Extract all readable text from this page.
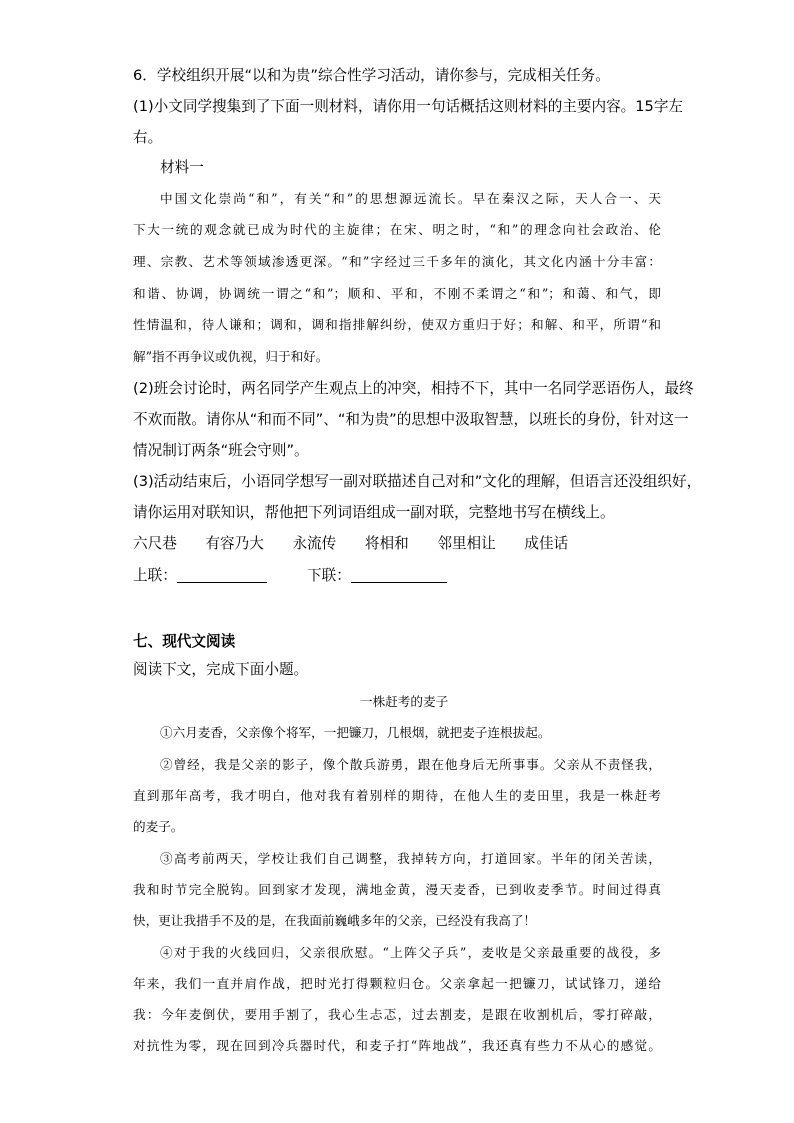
6．学校组织开展“以和为贵”综合性学习活动，请你参与，完成相关任务。
(1)小文同学搜集到了下面一则材料，请你用一句话概括这则材料的主要内容。15字左
右。
材料一
中国文化崇尚“和”，有关“和”的思想源远流长。早在秦汉之际，天人合一、天
下大一统的观念就已成为时代的主旋律；在宋、明之时，“和”的理念向社会政治、伦
理、宗教、艺术等领域渗透更深。“和”字经过三千多年的演化，其文化内涵十分丰富：
和谐、协调，协调统一谓之“和”；顺和、平和，不刚不柔谓之“和”；和蔼、和气，即
性情温和，待人谦和；调和，调和指排解纠纷，使双方重归于好；和解、和平，所谓“和
解”指不再争议或仇视，归于和好。
(2)班会讨论时，两名同学产生观点上的冲突，相持不下，其中一名同学恶语伤人，最终
不欢而散。请你从“和而不同”、“和为贵”的思想中汲取智慧，以班长的身份，针对这一
情况制订两条“班会守则”。
(3)活动结束后，小语同学想写一副对联描述自己对和”文化的理解，但语言还没组织好，
请你运用对联知识，帮他把下列词语组成一副对联，完整地书写在横线上。
六尺巷 有容乃大 永流传 将相和 邻里相让 成佳话
上联：	下联：
七、现代文阅读
阅读下文，完成下面小题。
一株赶考的麦子
①六月麦香，父亲像个将军，一把镰刀，几根烟，就把麦子连根拔起。
②曾经，我是父亲的影子，像个散兵游勇，跟在他身后无所事事。父亲从不责怪我，
直到那年高考，我才明白，他对我有着别样的期待，在他人生的麦田里，我是一株赶考
的麦子。
③高考前两天，学校让我们自己调整，我掉转方向，打道回家。半年的闭关苦读，
我和时节完全脱钩。回到家才发现，满地金黄，漫天麦香，已到收麦季节。时间过得真
快，更让我措手不及的是，在我面前巍峨多年的父亲，已经没有我高了！
④对于我的火线回归，父亲很欣慰。“上阵父子兵”，麦收是父亲最重要的战役，多
年来，我们一直并肩作战，把时光打得颗粒归仓。父亲拿起一把镰刀，试试锋刀，递给
我：今年麦倒伏，要用手割了，我心生忐忑，过去割麦，是跟在收割机后，零打碎敲，
对抗性为零，现在回到冷兵器时代，和麦子打“阵地战”，我还真有些力不从心的感觉。
